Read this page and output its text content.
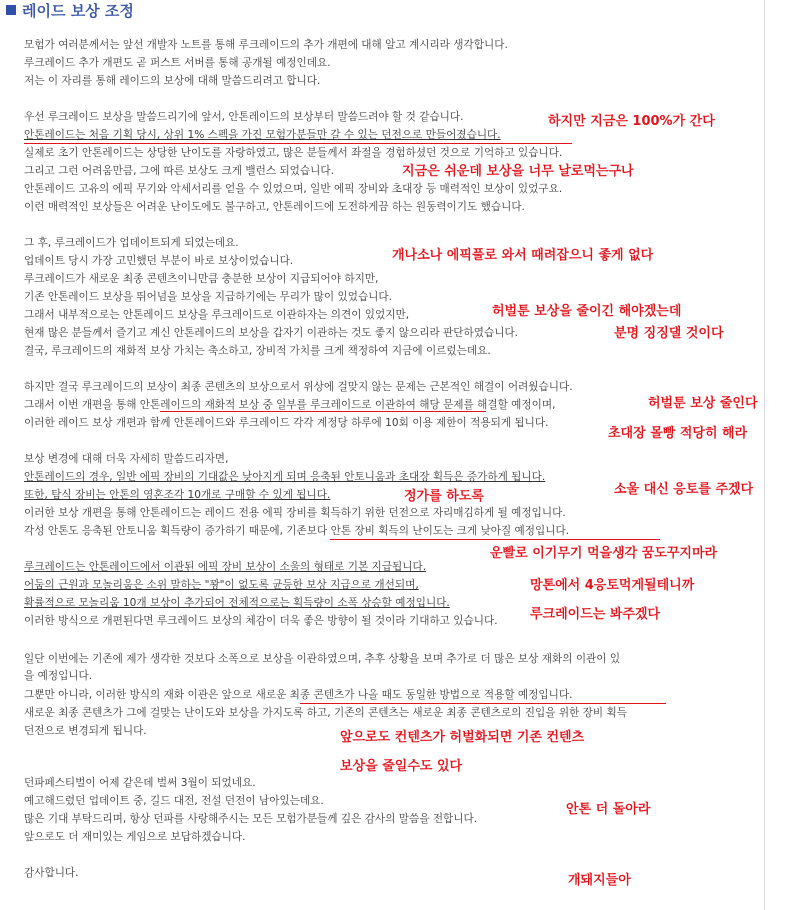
레이드 보상 조정
모험가 여러분께서는 앞선 개발자 노트를 통해 루크레이드의 추가 개편에 대해 알고 계시리라 생각합니다.
루크레이드 추가 개편도 곧 퍼스트 서버를 통해 공개될 예정인데요.
저는 이 자리를 통해 레이드의 보상에 대해 말씀드리려고 합니다.
우선 루크레이드 보상을 말씀드리기에 앞서, 안톤레이드의 보상부터 말씀드려야 할 것 같습니다.
안톤레이드는 처음 기획 당시, 상위 1% 스펙을 가진 모험가분들만 갈 수 있는 던전으로 만들어졌습니다.
실제로 초기 안톤레이드는 상당한 난이도를 자랑하였고, 많은 분들께서 좌절을 경험하셨던 것으로 기억하고 있습니다.
그리고 그런 어려움만큼, 그에 따른 보상도 크게 밸런스 되었습니다.
안톤레이드 고유의 에픽 무기와 악세서리를 얻을 수 있었으며, 일반 에픽 장비와 초대장 등 매력적인 보상이 있었구요.
이런 매력적인 보상들은 어려운 난이도에도 불구하고, 안톤레이드에 도전하게끔 하는 원동력이기도 했습니다.
그 후, 루크레이드가 업데이트되게 되었는데요.
업데이트 당시 가장 고민했던 부분이 바로 보상이었습니다.
루크레이드가 새로운 최종 콘텐츠이니만큼 충분한 보상이 지급되어야 하지만,
기존 안톤레이드 보상을 뛰어넘을 보상을 지급하기에는 무리가 많이 있었습니다.
그래서 내부적으로는 안톤레이드 보상을 루크레이드로 이관하자는 의견이 있었지만,
현재 많은 분들께서 즐기고 계신 안톤레이드의 보상을 갑자기 이관하는 것도 좋지 않으리라 판단하였습니다.
결국, 루크레이드의 재화적 보상 가치는 축소하고, 장비적 가치를 크게 책정하여 지금에 이르렀는데요.
하지만 결국 루크레이드의 보상이 최종 콘텐츠의 보상으로서 위상에 걸맞지 않는 문제는 근본적인 해결이 어려웠습니다.
그래서 이번 개편을 통해 안톤레이드의 재화적 보상 중 일부를 루크레이드로 이관하여 해당 문제를 해결할 예정이며,
이러한 레이드 보상 개편과 함께 안톤레이드와 루크레이드 각각 계정당 하루에 10회 이용 제한이 적용되게 됩니다.
보상 변경에 대해 더욱 자세히 말씀드리자면,
안톤레이드의 경우, 일반 에픽 장비의 기대값은 낮아지게 되며 응축된 안토니움과 초대장 획득은 증가하게 됩니다.
또한, 탐식 장비는 안톤의 영혼조각 10개로 구매할 수 있게 됩니다.
이러한 보상 개편을 통해 안톤레이드는 레이드 전용 에픽 장비를 획득하기 위한 던전으로 자리매김하게 될 예정입니다.
각성 안톤도 응축된 안토니움 획득량이 증가하기 때문에, 기존보다 안톤 장비 획득의 난이도는 크게 낮아질 예정입니다.
루크레이드는 안톤레이드에서 이관된 에픽 장비 보상이 소울의 형태로 기본 지급됩니다.
어둠의 근원과 모놀리움은 소위 말하는 "꽝"이 없도록 균등한 보상 지급으로 개선되며,
확률적으로 모놀리움 10개 보상이 추가되어 전체적으로는 획득량이 소폭 상승할 예정입니다.
이러한 방식으로 개편된다면 루크레이드 보상의 체감이 더욱 좋은 방향이 될 것이라 기대하고 있습니다.
일단 이번에는 기존에 제가 생각한 것보다 소폭으로 보상을 이관하였으며, 추후 상황을 보며 추가로 더 많은 보상 재화의 이관이 있
을 예정입니다.
그뿐만 아니라, 이러한 방식의 재화 이관은 앞으로 새로운 최종 콘텐츠가 나올 때도 동일한 방법으로 적용할 예정입니다.
새로운 최종 콘텐츠가 그에 걸맞는 난이도와 보상을 가지도록 하고, 기존의 콘텐츠는 새로운 최종 콘텐츠로의 진입을 위한 장비 획득
던전으로 변경되게 됩니다.
던파페스티벌이 어제 같은데 벌써 3월이 되었네요.
예고해드렸던 업데이트 중, 길드 대전, 전설 던전이 남아있는데요.
많은 기대 부탁드리며, 항상 던파를 사랑해주시는 모든 모험가분들께 깊은 감사의 말씀을 전합니다.
앞으로도 더 재미있는 게임으로 보답하겠습니다.
감사합니다.
하지만 지금은 100%가 간다
지금은 쉬운데 보상을 너무 날로먹는구나
개나소나 에픽풀로 와서 때려잡으니 좋게 없다
허벌툰 보상을 줄이긴 해야겠는데
분명 징징댈 것이다
허벌툰 보상 줄인다
초대장 몰빵 적당히 해라
소울 대신 응토를 주겠다
정가를 하도록
운빨로 이기무기 먹을생각 꿈도꾸지마라
망톤에서 4응토먹게될테니까
루크레이드는 봐주겠다
앞으로도 컨텐츠가 허벌화되면 기존 컨텐츠
보상을 줄일수도 있다
안톤 더 돌아라
개돼지들아
